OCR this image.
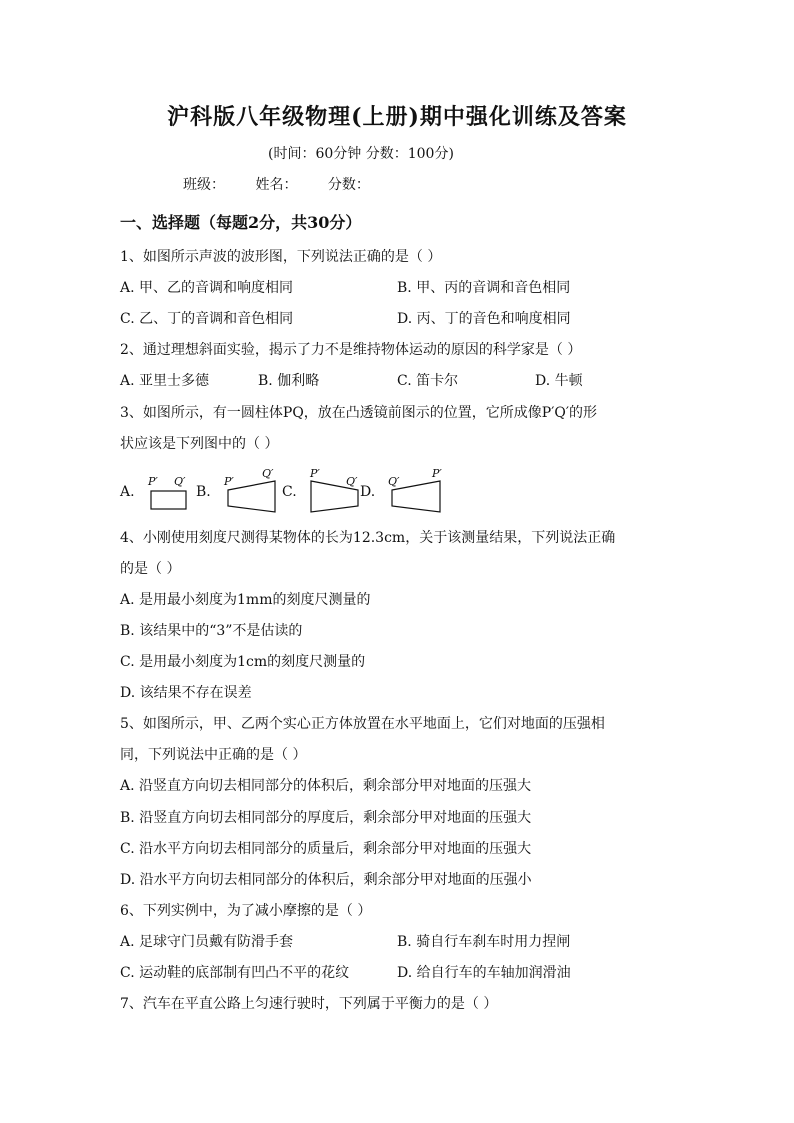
沪科版八年级物理(上册)期中强化训练及答案
(时间：60分钟 分数：100分)
班级： 姓名： 分数：
一、选择题（每题2分，共30分）
1、如图所示声波的波形图，下列说法正确的是（ ）
A. 甲、乙的音调和响度相同	B. 甲、丙的音调和音色相同
C. 乙、丁的音调和音色相同	D. 丙、丁的音色和响度相同
2、通过理想斜面实验，揭示了力不是维持物体运动的原因的科学家是（ ）
A. 亚里士多德	B. 伽利略	C. 笛卡尔	D. 牛顿
3、如图所示，有一圆柱体PQ，放在凸透镜前图示的位置，它所成像P′Q′的形
状应该是下列图中的（ ）
A.
P′ Q′
B.
P′
Q′
C.
P′
Q′
D.
Q′
P′
4、小刚使用刻度尺测得某物体的长为12.3cm，关于该测量结果，下列说法正确
的是（ ）
A. 是用最小刻度为1mm的刻度尺测量的
B. 该结果中的“3”不是估读的
C. 是用最小刻度为1cm的刻度尺测量的
D. 该结果不存在误差
5、如图所示，甲、乙两个实心正方体放置在水平地面上，它们对地面的压强相
同，下列说法中正确的是（ ）
A. 沿竖直方向切去相同部分的体积后，剩余部分甲对地面的压强大
B. 沿竖直方向切去相同部分的厚度后，剩余部分甲对地面的压强大
C. 沿水平方向切去相同部分的质量后，剩余部分甲对地面的压强大
D. 沿水平方向切去相同部分的体积后，剩余部分甲对地面的压强小
6、下列实例中，为了减小摩擦的是（ ）
A. 足球守门员戴有防滑手套	B. 骑自行车刹车时用力捏闸
C. 运动鞋的底部制有凹凸不平的花纹	D. 给自行车的车轴加润滑油
7、汽车在平直公路上匀速行驶时，下列属于平衡力的是（ ）
